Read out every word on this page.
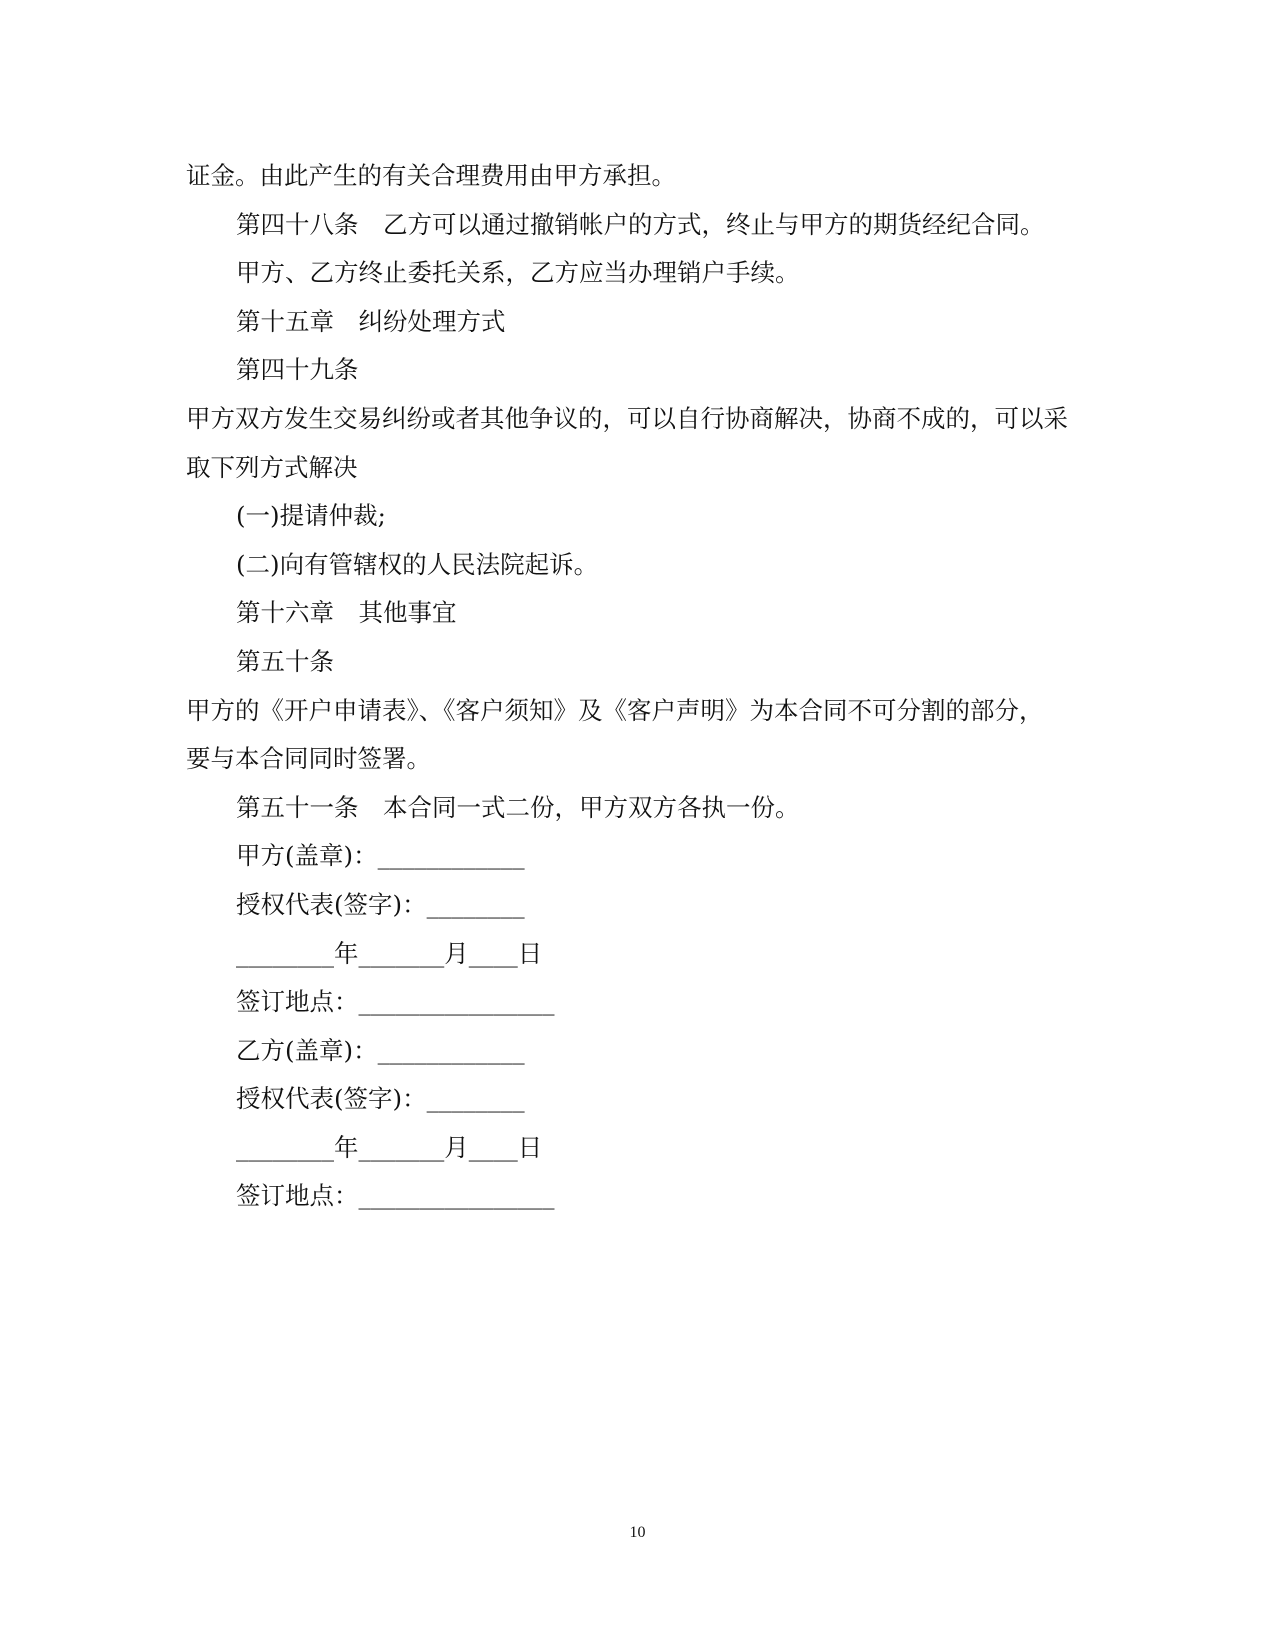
证金。由此产生的有关合理费用由甲方承担。
第四十八条　乙方可以通过撤销帐户的方式，终止与甲方的期货经纪合同。
甲方、乙方终止委托关系，乙方应当办理销户手续。
第十五章　纠纷处理方式
第四十九条
甲方双方发生交易纠纷或者其他争议的，可以自行协商解决，协商不成的，可以采
取下列方式解决
(一)提请仲裁;
(二)向有管辖权的人民法院起诉。
第十六章　其他事宜
第五十条
甲方的《开户申请表》、《客户须知》及《客户声明》为本合同不可分割的部分，
要与本合同同时签署。
第五十一条　本合同一式二份，甲方双方各执一份。
甲方(盖章)：____________
授权代表(签字)：________
________年_______月____日
签订地点：________________
乙方(盖章)：____________
授权代表(签字)：________
________年_______月____日
签订地点：________________
10
